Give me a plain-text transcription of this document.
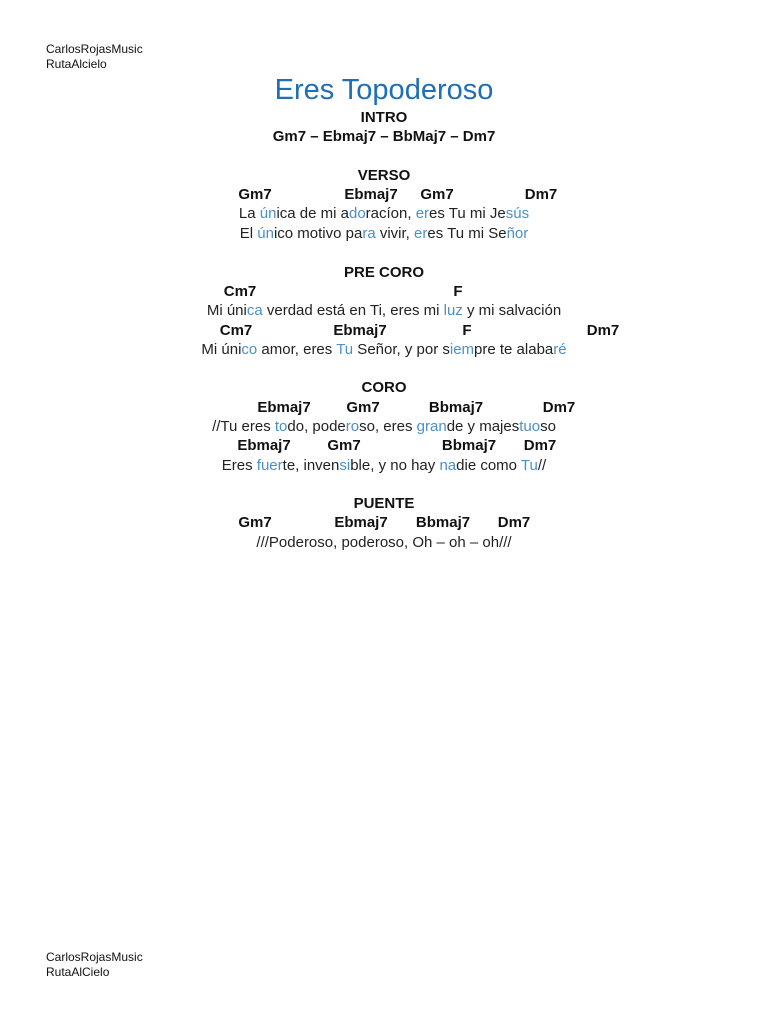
CarlosRojasMusic
RutaAlcielo
Eres Topoderoso
INTRO
Gm7 – Ebmaj7 – BbMaj7 – Dm7
VERSO
Gm7	Ebmaj7 Gm7	Dm7
La única de mi adoracíon, eres Tu mi Jesús
El único motivo para vivir, eres Tu mi Señor
PRE CORO
Cm7	F
Mi única verdad está en Ti, eres mi luz y mi salvación
Cm7	Ebmaj7	F	Dm7
Mi único amor, eres Tu Señor, y por siempre te alabaré
CORO
Ebmaj7 Gm7	Bbmaj7	Dm7
//Tu eres todo, poderoso, eres grande y majestuoso
Ebmaj7 Gm7	Bbmaj7 Dm7
Eres fuerte, invensible, y no hay nadie como Tu//
PUENTE
Gm7	Ebmaj7 Bbmaj7 Dm7
///Poderoso, poderoso, Oh – oh – oh///
CarlosRojasMusic
RutaAlCielo
